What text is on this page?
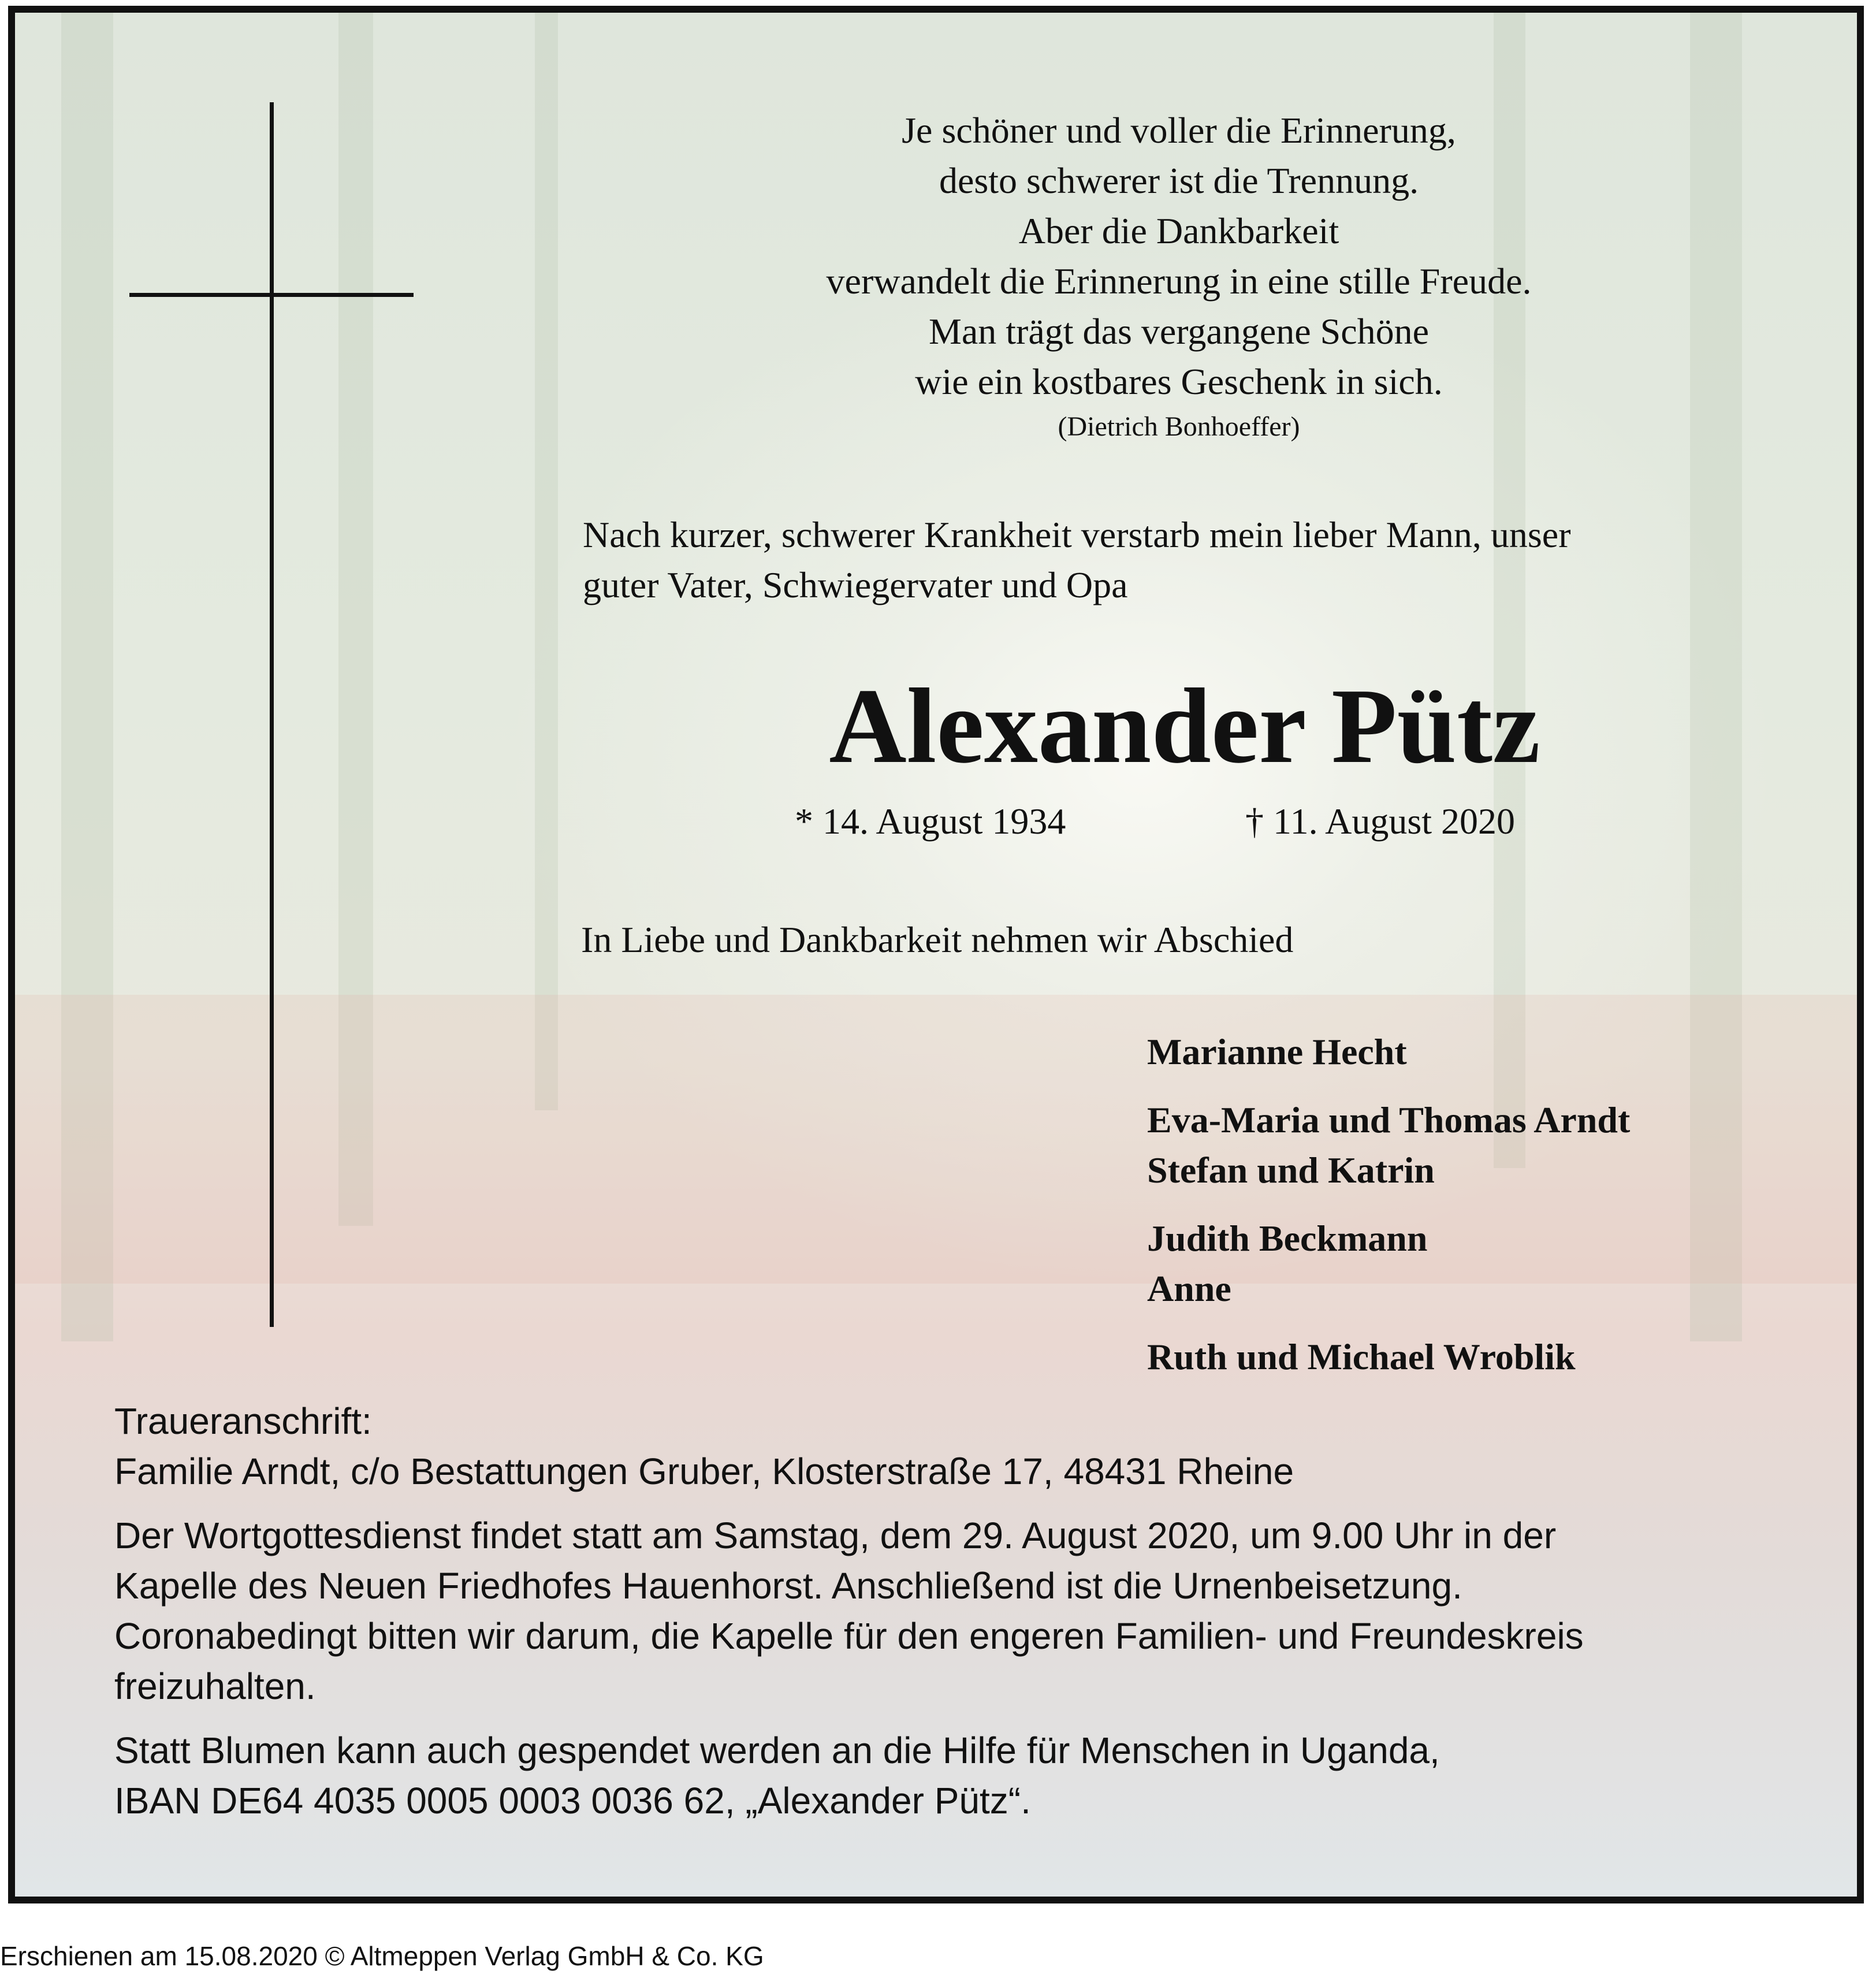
Je schöner und voller die Erinnerung,
desto schwerer ist die Trennung.
Aber die Dankbarkeit
verwandelt die Erinnerung in eine stille Freude.
Man trägt das vergangene Schöne
wie ein kostbares Geschenk in sich.
(Dietrich Bonhoeffer)
Nach kurzer, schwerer Krankheit verstarb mein lieber Mann, unser
guter Vater, Schwiegervater und Opa
Alexander Pütz
* 14. August 1934	† 11. August 2020
In Liebe und Dankbarkeit nehmen wir Abschied
Marianne Hecht
Eva-Maria und Thomas Arndt
Stefan und Katrin
Judith Beckmann
Anne
Ruth und Michael Wroblik

Traueranschrift:
Familie Arndt, c/o Bestattungen Gruber, Klosterstraße 17, 48431 Rheine

Der Wortgottesdienst findet statt am Samstag, dem 29. August 2020, um 9.00 Uhr in der
Kapelle des Neuen Friedhofes Hauenhorst. Anschließend ist die Urnenbeisetzung.
Coronabedingt bitten wir darum, die Kapelle für den engeren Familien- und Freundeskreis
freizuhalten.

Statt Blumen kann auch gespendet werden an die Hilfe für Menschen in Uganda,
IBAN DE64 4035 0005 0003 0036 62, „Alexander Pütz“.

Erschienen am 15.08.2020 © Altmeppen Verlag GmbH & Co. KG
